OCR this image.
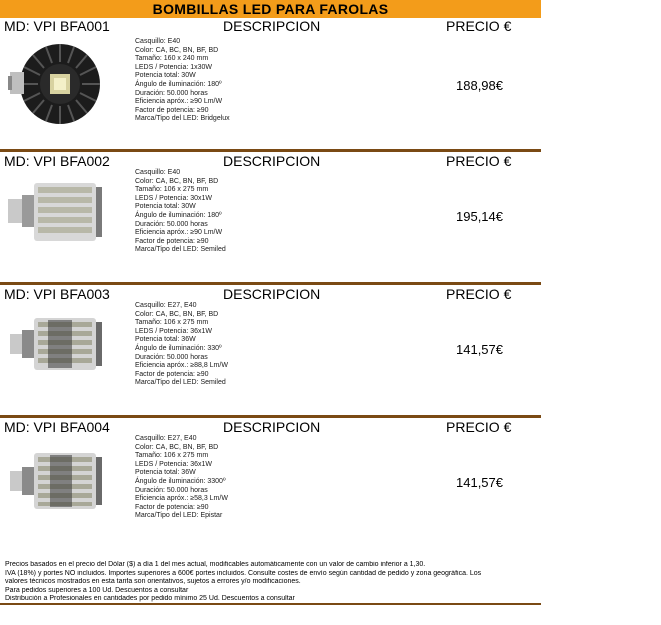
BOMBILLAS LED PARA FAROLAS
MD: VPI BFA001	DESCRIPCION	PRECIO €
Casquillo: E40
Color: CA, BC, BN, BF, BD
Tamaño: 160 x 240 mm
LEDS / Potencia: 1x30W
Potencia total: 30W
Ángulo de iluminación: 180º
Duración: 50.000 horas
Eficiencia apróx.: ≥90 Lm/W
Factor de potencia: ≥90
Marca/Tipo del LED: Bridgelux
188,98€
MD: VPI BFA002	DESCRIPCION	PRECIO €
Casquillo: E40
Color: CA, BC, BN, BF, BD
Tamaño: 106 x 275 mm
LEDS / Potencia: 30x1W
Potencia total: 30W
Ángulo de iluminación: 180º
Duración: 50.000 horas
Eficiencia apróx.: ≥90 Lm/W
Factor de potencia: ≥90
Marca/Tipo del LED: Semiled
195,14€
MD: VPI BFA003	DESCRIPCION	PRECIO €
Casquillo: E27, E40
Color: CA, BC, BN, BF, BD
Tamaño: 106 x 275 mm
LEDS / Potencia: 36x1W
Potencia total: 36W
Ángulo de iluminación: 330º
Duración: 50.000 horas
Eficiencia apróx.: ≥88,8 Lm/W
Factor de potencia: ≥90
Marca/Tipo del LED: Semiled
141,57€
MD: VPI BFA004	DESCRIPCION	PRECIO €
Casquillo: E27, E40
Color: CA, BC, BN, BF, BD
Tamaño: 106 x 275 mm
LEDS / Potencia: 36x1W
Potencia total: 36W
Ángulo de iluminación: 3300º
Duración: 50.000 horas
Eficiencia apróx.: ≥58,3 Lm/W
Factor de potencia: ≥90
Marca/Tipo del LED: Epistar
141,57€
Precios basados en el precio del Dólar ($) a día 1 del mes actual, modificables automáticamente con un valor de cambio inferior a 1,30.
IVA (18%) y portes NO incluidos. Importes superiores a 600€ portes incluidos. Consulte costes de envío según cantidad de pedido y zona geográfica. Los
valores técnicos mostrados en esta tarifa son orientativos, sujetos a errores y/o modificaciones.
Para pedidos superiores a 100 Ud. Descuentos a consultar
Distribución a Profesionales en cantidades por pedido mínimo 25 Ud. Descuentos a consultar
